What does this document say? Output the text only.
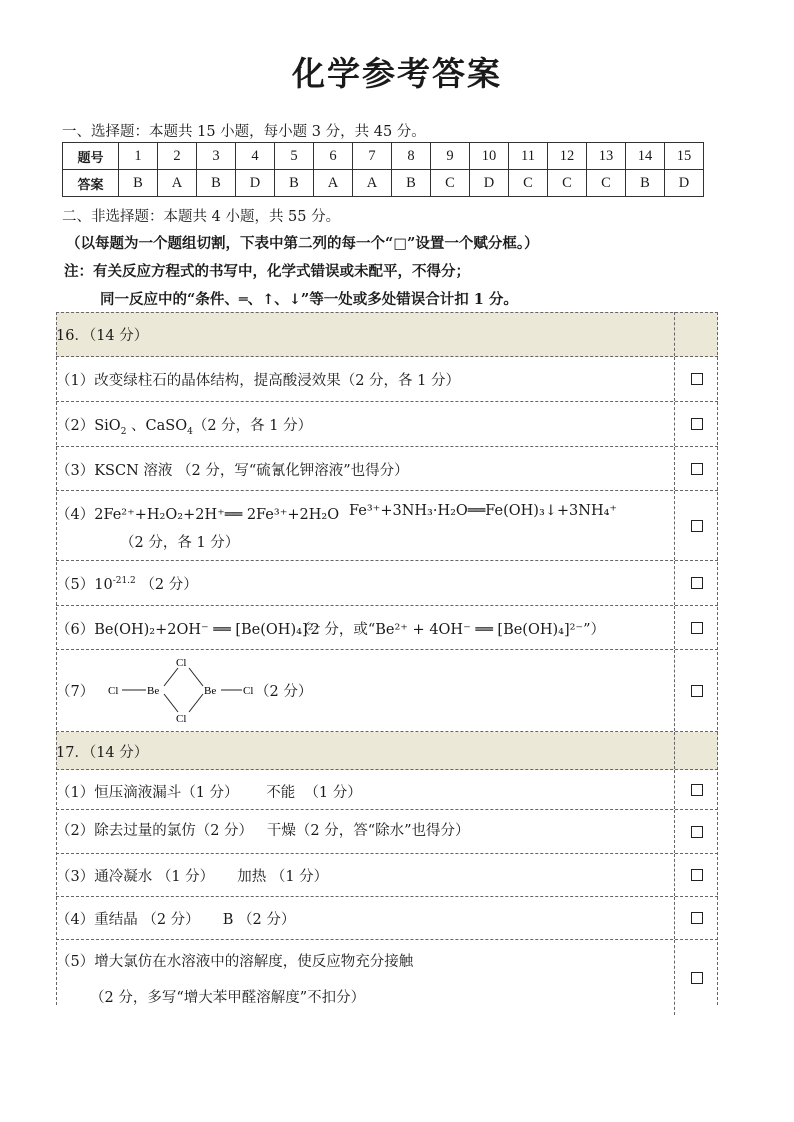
化学参考答案
一、选择题：本题共 15 小题，每小题 3 分，共 45 分。
题号	1	2	3	4	5	6	7	8	9	10	11	12	13	14	15
答案	B	A	B	D	B	A	A	B	C	D	C	C	C	B	D
二、非选择题：本题共 4 小题，共 55 分。
（以每题为一个题组切割，下表中第二列的每一个“□”设置一个赋分框。）
注：有关反应方程式的书写中，化学式错误或未配平，不得分；
同一反应中的“条件、═、↑、↓”等一处或多处错误合计扣 1 分。
16．（14 分）
（1）改变绿柱石的晶体结构，提高酸浸效果（2 分，各 1 分）
（2）SiO$_2$ 、CaSO$_4$（2 分，各 1 分）
（3）KSCN 溶液 （2 分，写“硫氰化钾溶液”也得分）
（4）2Fe²⁺+H₂O₂+2H⁺══ 2Fe³⁺+2H₂O Fe³⁺+3NH₃·H₂O══Fe(OH)₃↓+3NH₄⁺
（2 分，各 1 分）
$(5)10^{-21.2}$ （2 分）
（6）Be(OH)₂+2OH⁻ ══ [Be(OH)₄]²⁻
（2 分，或“Be²⁺ + 4OH⁻ ══ [Be(OH)₄]²⁻”）
（7） Cl	Be
Cl
Cl
Be Cl （2 分）
17．（14 分）
（1）恒压滴液漏斗（1 分）      不能  （1 分）
（2）除去过量的氯仿（2 分）   干燥（2 分，答“除水”也得分）
（3）通冷凝水 （1 分）     加热 （1 分）
（4）重结晶 （2 分）     B （2 分）
（5）增大氯仿在水溶液中的溶解度，使反应物充分接触
（2 分，多写“增大苯甲醛溶解度”不扣分）
